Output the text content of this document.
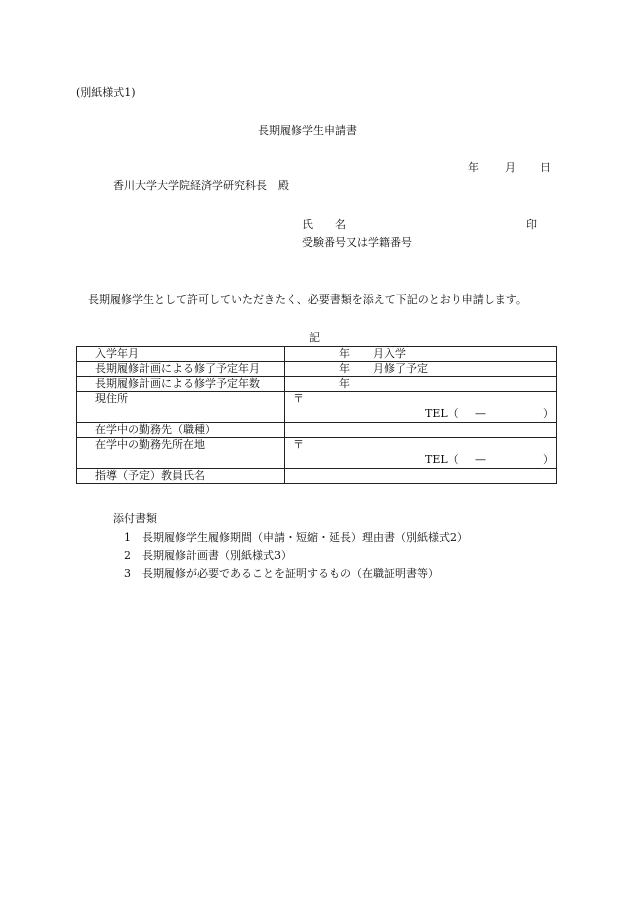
(別紙様式1)
長期履修学生申請書
年 月 日
香川大学大学院経済学研究科長　殿
氏　　名	印
受験番号又は学籍番号
長期履修学生として許可していただきたく、必要書類を添えて下記のとおり申請します。
記
入学年月	年 月入学

長期履修計画による修了予定年月	年 月修了予定

長期履修計画による修学予定年数	年

現住所	〒
TEL（ — ）

在学中の勤務先（職種）	
在学中の勤務先所在地	〒
TEL（ — ）

指導（予定）教員氏名	
添付書類
1 長期履修学生履修期間（申請・短縮・延長）理由書（別紙様式2）
2 長期履修計画書（別紙様式3）
3 長期履修が必要であることを証明するもの（在職証明書等）
